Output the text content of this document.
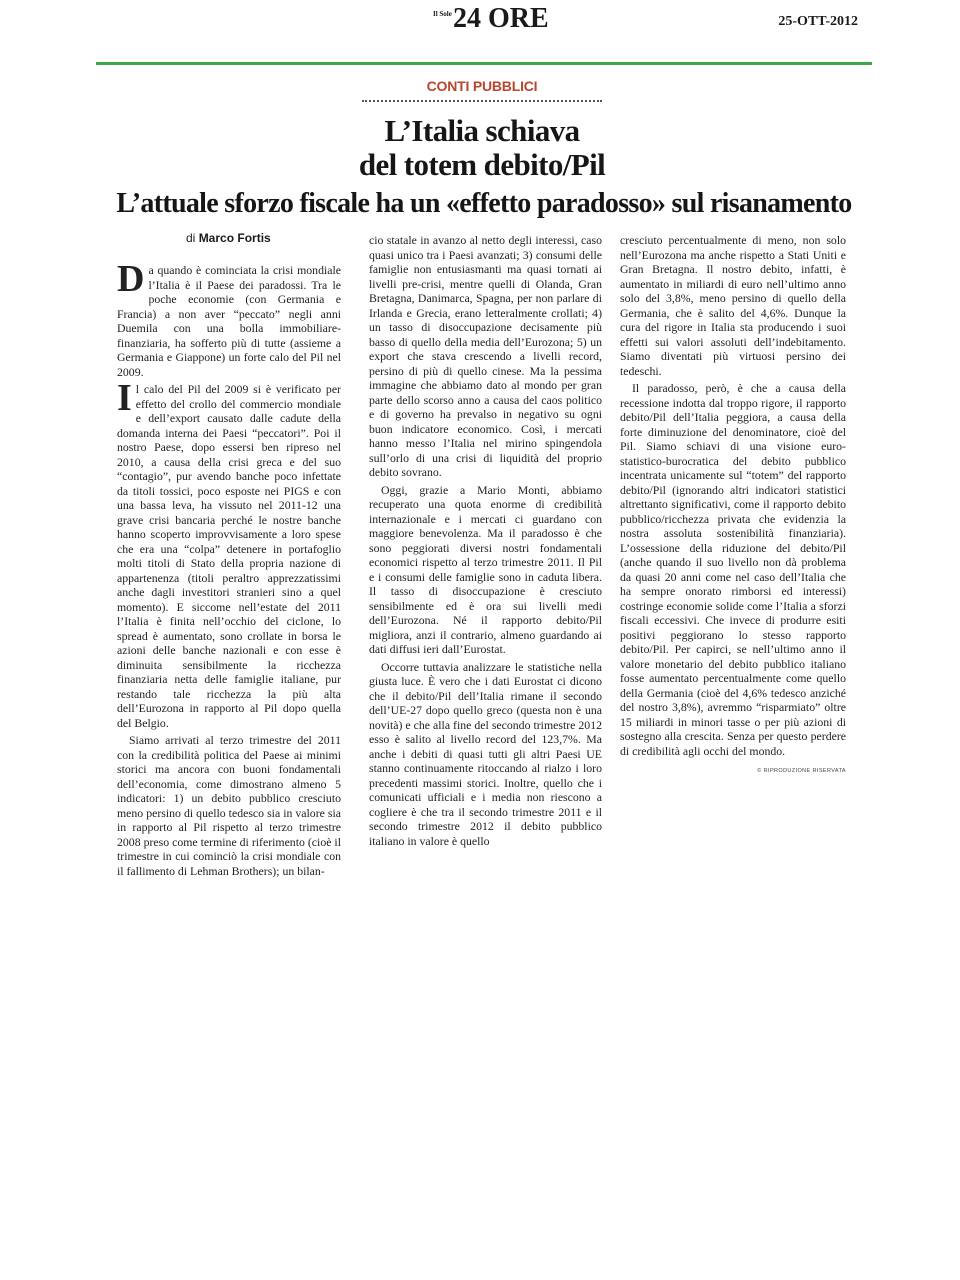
Il Sole 24 ORE	25-OTT-2012
CONTI PUBBLICI
L’Italia schiava
del totem debito/Pil
L’attuale sforzo fiscale ha un «effetto paradosso» sul risanamento
di Marco Fortis

Da quando è cominciata la crisi mondiale l’Italia è il Paese dei paradossi. Tra le poche economie (con Germania e Francia) a non aver “peccato” negli anni Duemila con una bolla immobiliare-finanziaria, ha sofferto più di tutte (assieme a Germania e Giappone) un forte calo del Pil nel 2009.

Il calo del Pil del 2009 si è verificato per effetto del crollo del commercio mondiale e dell’export causato dalle cadute della domanda interna dei Paesi “peccatori”. Poi il nostro Paese, dopo essersi ben ripreso nel 2010, a causa della crisi greca e del suo “contagio”, pur avendo banche poco infettate da titoli tossici, poco esposte nei PIGS e con una bassa leva, ha vissuto nel 2011-12 una grave crisi bancaria perché le nostre banche hanno scoperto improvvisamente a loro spese che era una “colpa” detenere in portafoglio molti titoli di Stato della propria nazione di appartenenza (titoli peraltro apprezzatissimi anche dagli investitori stranieri sino a quel momento). E siccome nell’estate del 2011 l’Italia è finita nell’occhio del ciclone, lo spread è aumentato, sono crollate in borsa le azioni delle banche nazionali e con esse è diminuita sensibilmente la ricchezza finanziaria netta delle famiglie italiane, pur restando tale ricchezza la più alta dell’Eurozona in rapporto al Pil dopo quella del Belgio.

Siamo arrivati al terzo trimestre del 2011 con la credibilità politica del Paese ai minimi storici ma ancora con buoni fondamentali dell’economia, come dimostrano almeno 5 indicatori: 1) un debito pubblico cresciuto meno persino di quello tedesco sia in valore sia in rapporto al Pil rispetto al terzo trimestre 2008 preso come termine di riferimento (cioè il trimestre in cui cominciò la crisi mondiale con il fallimento di Lehman Brothers); un bilan-

cio statale in avanzo al netto degli interessi, caso quasi unico tra i Paesi avanzati; 3) consumi delle famiglie non entusiasmanti ma quasi tornati ai livelli pre-crisi, mentre quelli di Olanda, Gran Bretagna, Danimarca, Spagna, per non parlare di Irlanda e Grecia, erano letteralmente crollati; 4) un tasso di disoccupazione decisamente più basso di quello della media dell’Eurozona; 5) un export che stava crescendo a livelli record, persino di più di quello cinese. Ma la pessima immagine che abbiamo dato al mondo per gran parte dello scorso anno a causa del caos politico e di governo ha prevalso in negativo su ogni buon indicatore economico. Così, i mercati hanno messo l’Italia nel mirino spingendola sull’orlo di una crisi di liquidità del proprio debito sovrano.

Oggi, grazie a Mario Monti, abbiamo recuperato una quota enorme di credibilità internazionale e i mercati ci guardano con maggiore benevolenza. Ma il paradosso è che sono peggiorati diversi nostri fondamentali economici rispetto al terzo trimestre 2011. Il Pil e i consumi delle famiglie sono in caduta libera. Il tasso di disoccupazione è cresciuto sensibilmente ed è ora sui livelli medi dell’Eurozona. Né il rapporto debito/Pil migliora, anzi il contrario, almeno guardando ai dati diffusi ieri dall’Eurostat.

Occorre tuttavia analizzare le statistiche nella giusta luce. È vero che i dati Eurostat ci dicono che il debito/Pil dell’Italia rimane il secondo dell’UE-27 dopo quello greco (questa non è una novità) e che alla fine del secondo trimestre 2012 esso è salito al livello record del 123,7%. Ma anche i debiti di quasi tutti gli altri Paesi UE stanno continuamente ritoccando al rialzo i loro precedenti massimi storici. Inoltre, quello che i comunicati ufficiali e i media non riescono a cogliere è che tra il secondo trimestre 2011 e il secondo trimestre 2012 il debito pubblico italiano in valore è quello

cresciuto percentualmente di meno, non solo nell’Eurozona ma anche rispetto a Stati Uniti e Gran Bretagna. Il nostro debito, infatti, è aumentato in miliardi di euro nell’ultimo anno solo del 3,8%, meno persino di quello della Germania, che è salito del 4,6%. Dunque la cura del rigore in Italia sta producendo i suoi effetti sui valori assoluti dell’indebitamento. Siamo diventati più virtuosi persino dei tedeschi.

Il paradosso, però, è che a causa della recessione indotta dal troppo rigore, il rapporto debito/Pil dell’Italia peggiora, a causa della forte diminuzione del denominatore, cioè del Pil. Siamo schiavi di una visione euro-statistico-burocratica del debito pubblico incentrata unicamente sul “totem” del rapporto debito/Pil (ignorando altri indicatori statistici altrettanto significativi, come il rapporto debito pubblico/ricchezza privata che evidenzia la nostra assoluta sostenibilità finanziaria). L’ossessione della riduzione del debito/Pil (anche quando il suo livello non dà problema da quasi 20 anni come nel caso dell’Italia che ha sempre onorato rimborsi ed interessi) costringe economie solide come l’Italia a sforzi fiscali eccessivi. Che invece di produrre esiti positivi peggiorano lo stesso rapporto debito/Pil. Per capirci, se nell’ultimo anno il valore monetario del debito pubblico italiano fosse aumentato percentualmente come quello della Germania (cioè del 4,6% tedesco anziché del nostro 3,8%), avremmo “risparmiato” oltre 15 miliardi in minori tasse o per più azioni di sostegno alla crescita. Senza per questo perdere di credibilità agli occhi del mondo.

© RIPRODUZIONE RISERVATA
